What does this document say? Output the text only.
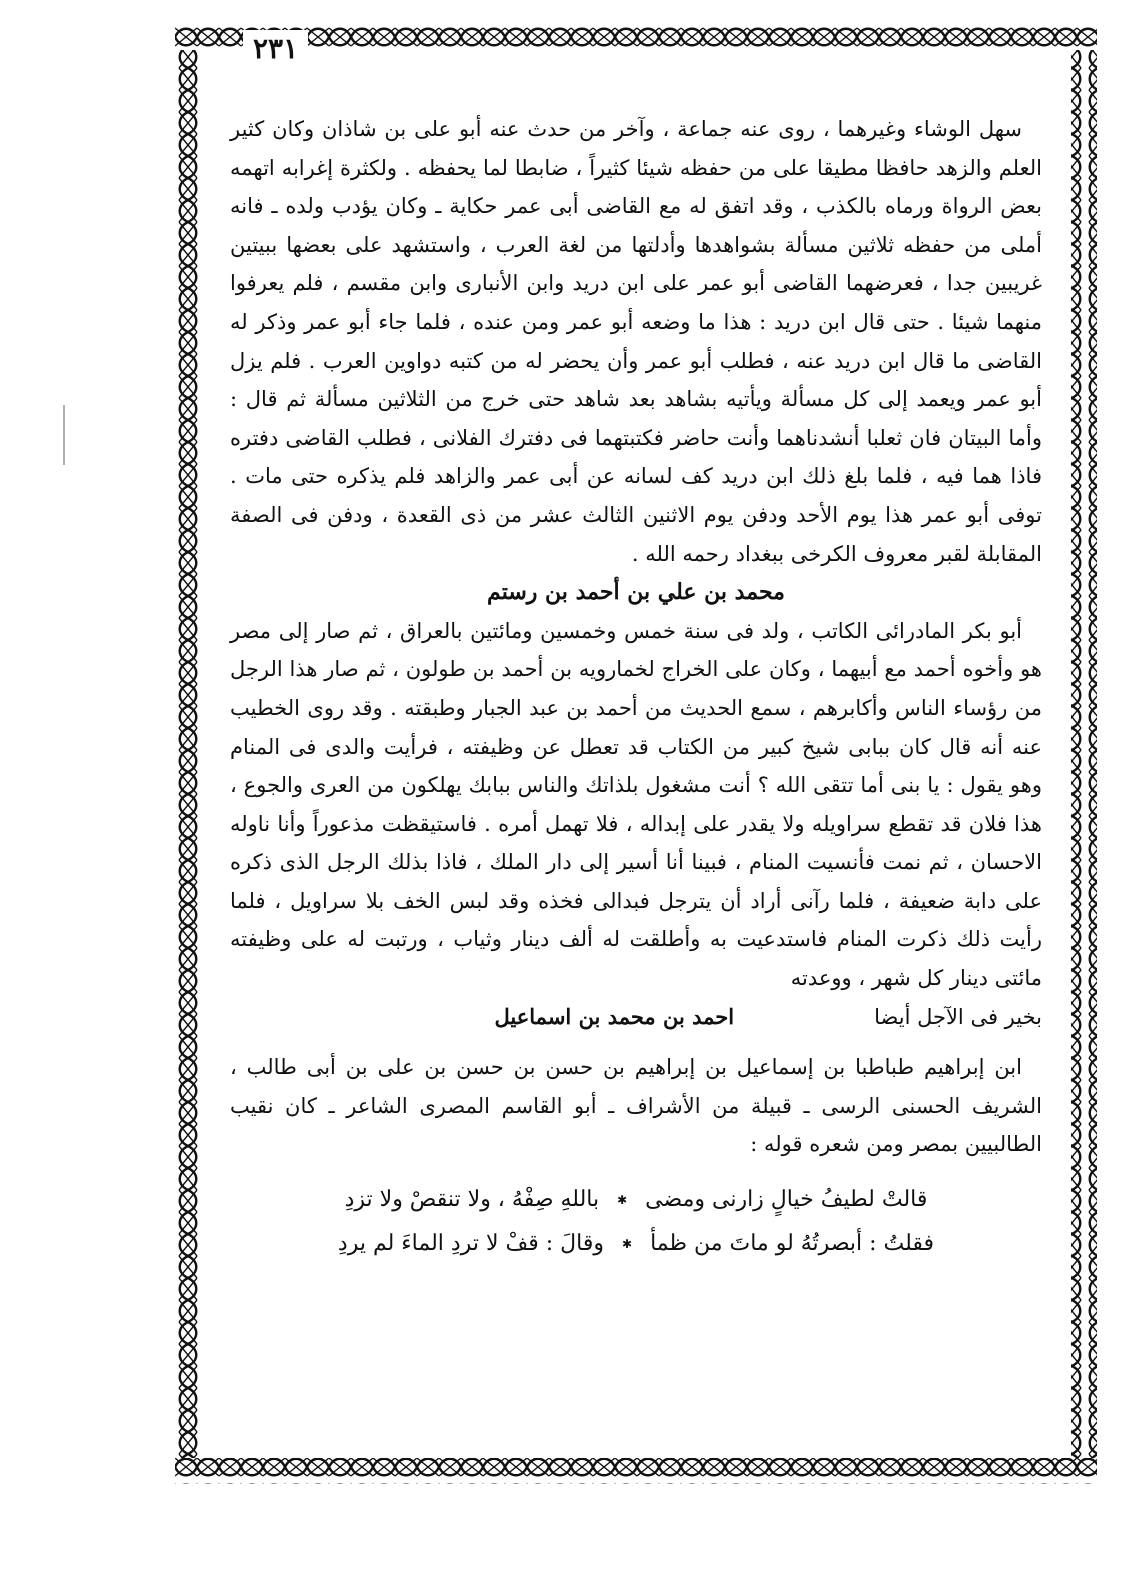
٢٣١

سهل الوشاء وغيرهما ، روى عنه جماعة ، وآخر من حدث عنه أبو على بن شاذان وكان كثير العلم والزهد حافظا مطيقا على من حفظه شيئا كثيراً ، ضابطا لما يحفظه . ولكثرة إغرابه اتهمه بعض الرواة ورماه بالكذب ، وقد اتفق له مع القاضى أبى عمر حكاية ـ وكان يؤدب ولده ـ فانه أملى من حفظه ثلاثين مسألة بشواهدها وأدلتها من لغة العرب ، واستشهد على بعضها ببيتين غريبين جدا ، فعرضهما القاضى أبو عمر على ابن دريد وابن الأنبارى وابن مقسم ، فلم يعرفوا منهما شيئا . حتى قال ابن دريد : هذا ما وضعه أبو عمر ومن عنده ، فلما جاء أبو عمر وذكر له القاضى ما قال ابن دريد عنه ، فطلب أبو عمر وأن يحضر له من كتبه دواوين العرب . فلم يزل أبو عمر ويعمد إلى كل مسألة ويأتيه بشاهد بعد شاهد حتى خرج من الثلاثين مسألة ثم قال : وأما البيتان فان ثعلبا أنشدناهما وأنت حاضر فكتبتهما فى دفترك الفلانى ، فطلب القاضى دفتره فاذا هما فيه ، فلما بلغ ذلك ابن دريد كف لسانه عن أبى عمر والزاهد فلم يذكره حتى مات . توفى أبو عمر هذا يوم الأحد ودفن يوم الاثنين الثالث عشر من ذى القعدة ، ودفن فى الصفة المقابلة لقبر معروف الكرخى ببغداد رحمه الله .

محمد بن علي بن أحمد بن رستم

أبو بكر المادرائى الكاتب ، ولد فى سنة خمس وخمسين ومائتين بالعراق ، ثم صار إلى مصر هو وأخوه أحمد مع أبيهما ، وكان على الخراج لخمارويه بن أحمد بن طولون ، ثم صار هذا الرجل من رؤساء الناس وأكابرهم ، سمع الحديث من أحمد بن عبد الجبار وطبقته . وقد روى الخطيب عنه أنه قال كان ببابى شيخ كبير من الكتاب قد تعطل عن وظيفته ، فرأيت والدى فى المنام وهو يقول : يا بنى أما تتقى الله ؟ أنت مشغول بلذاتك والناس ببابك يهلكون من العرى والجوع ، هذا فلان قد تقطع سراويله ولا يقدر على إبداله ، فلا تهمل أمره . فاستيقظت مذعوراً وأنا ناوله الاحسان ، ثم نمت فأنسيت المنام ، فبينا أنا أسير إلى دار الملك ، فاذا بذلك الرجل الذى ذكره على دابة ضعيفة ، فلما رآنى أراد أن يترجل فبدالى فخذه وقد لبس الخف بلا سراويل ، فلما رأيت ذلك ذكرت المنام فاستدعيت به وأطلقت له ألف دينار وثياب ، ورتبت له على وظيفته مائتى دينار كل شهر ، ووعدته

بخير فى الآجل أيضا
احمد بن محمد بن اسماعيل

ابن إبراهيم طباطبا بن إسماعيل بن إبراهيم بن حسن بن حسن بن على بن أبى طالب ، الشريف الحسنى الرسى ـ قبيلة من الأشراف ـ أبو القاسم المصرى الشاعر ـ كان نقيب الطالبيين بمصر ومن شعره قوله :

قالتْ لطيفُ خيالٍ زارنى ومضى
✱
باللهِ صِفْهُ ، ولا تنقصْ ولا تزدِ
فقلتُ : أبصرتُهُ لو ماتَ من ظمأ
✱
وقالَ : قفْ لا تردِ الماءَ لم يردِ
